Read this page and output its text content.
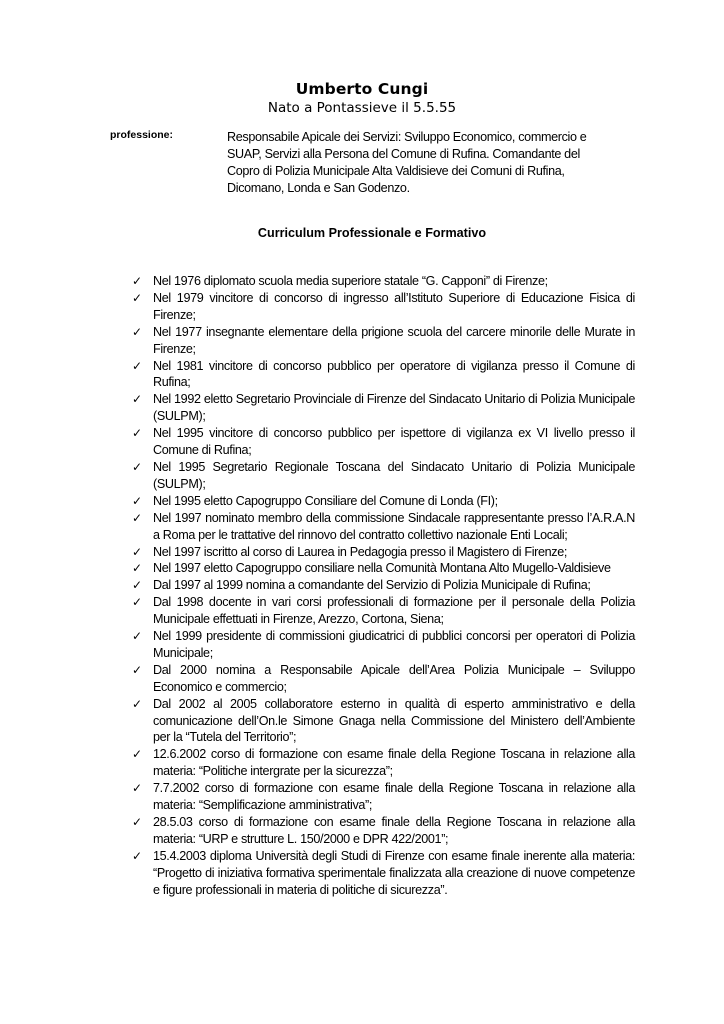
Umberto Cungi
Nato a Pontassieve il 5.5.55
professione:	Responsabile Apicale dei Servizi: Sviluppo Economico, commercio e SUAP, Servizi alla Persona del Comune di Rufina. Comandante del Copro di Polizia Municipale Alta Valdisieve dei Comuni di Rufina, Dicomano, Londa e San Godenzo.
Curriculum Professionale e Formativo
✓ Nel 1976 diplomato scuola media superiore statale “G. Capponi” di Firenze;
✓ Nel 1979 vincitore di concorso di ingresso all’Istituto Superiore di Educazione Fisica di Firenze;
✓ Nel 1977 insegnante elementare della prigione scuola del carcere minorile delle Murate in Firenze;
✓ Nel 1981 vincitore di concorso pubblico per operatore di vigilanza presso il Comune di Rufina;
✓ Nel 1992 eletto Segretario Provinciale di Firenze del Sindacato Unitario di Polizia Municipale (SULPM);
✓ Nel 1995 vincitore di concorso pubblico per ispettore di vigilanza ex VI livello presso il Comune di Rufina;
✓ Nel 1995 Segretario Regionale Toscana del Sindacato Unitario di Polizia Municipale (SULPM);
✓ Nel 1995 eletto Capogruppo Consiliare del Comune di Londa (FI);
✓ Nel 1997 nominato membro della commissione Sindacale rappresentante presso l’A.R.A.N a Roma per le trattative del rinnovo del contratto collettivo nazionale Enti Locali;
✓ Nel 1997 iscritto al corso di Laurea in Pedagogia presso il Magistero di Firenze;
✓ Nel 1997 eletto Capogruppo consiliare nella Comunità Montana Alto Mugello-Valdisieve
✓ Dal 1997 al 1999 nomina a comandante del Servizio di Polizia Municipale di Rufina;
✓ Dal 1998 docente in vari corsi professionali di formazione per il personale della Polizia Municipale effettuati in Firenze, Arezzo, Cortona, Siena;
✓ Nel 1999 presidente di commissioni giudicatrici di pubblici concorsi per operatori di Polizia Municipale;
✓ Dal 2000 nomina a Responsabile Apicale dell’Area Polizia Municipale – Sviluppo Economico e commercio;
✓ Dal 2002 al 2005 collaboratore esterno in qualità di esperto amministrativo e della comunicazione dell’On.le Simone Gnaga nella Commissione del Ministero dell’Ambiente per la “Tutela del Territorio”;
✓ 12.6.2002 corso di formazione con esame finale della Regione Toscana in relazione alla materia: “Politiche intergrate per la sicurezza”;
✓ 7.7.2002 corso di formazione con esame finale della Regione Toscana in relazione alla materia: “Semplificazione amministrativa”;
✓ 28.5.03 corso di formazione con esame finale della Regione Toscana in relazione alla materia: “URP e strutture L. 150/2000 e DPR 422/2001”;
✓ 15.4.2003 diploma Università degli Studi di Firenze con esame finale inerente alla materia: “Progetto di iniziativa formativa sperimentale finalizzata alla creazione di nuove competenze e figure professionali in materia di politiche di sicurezza”.
